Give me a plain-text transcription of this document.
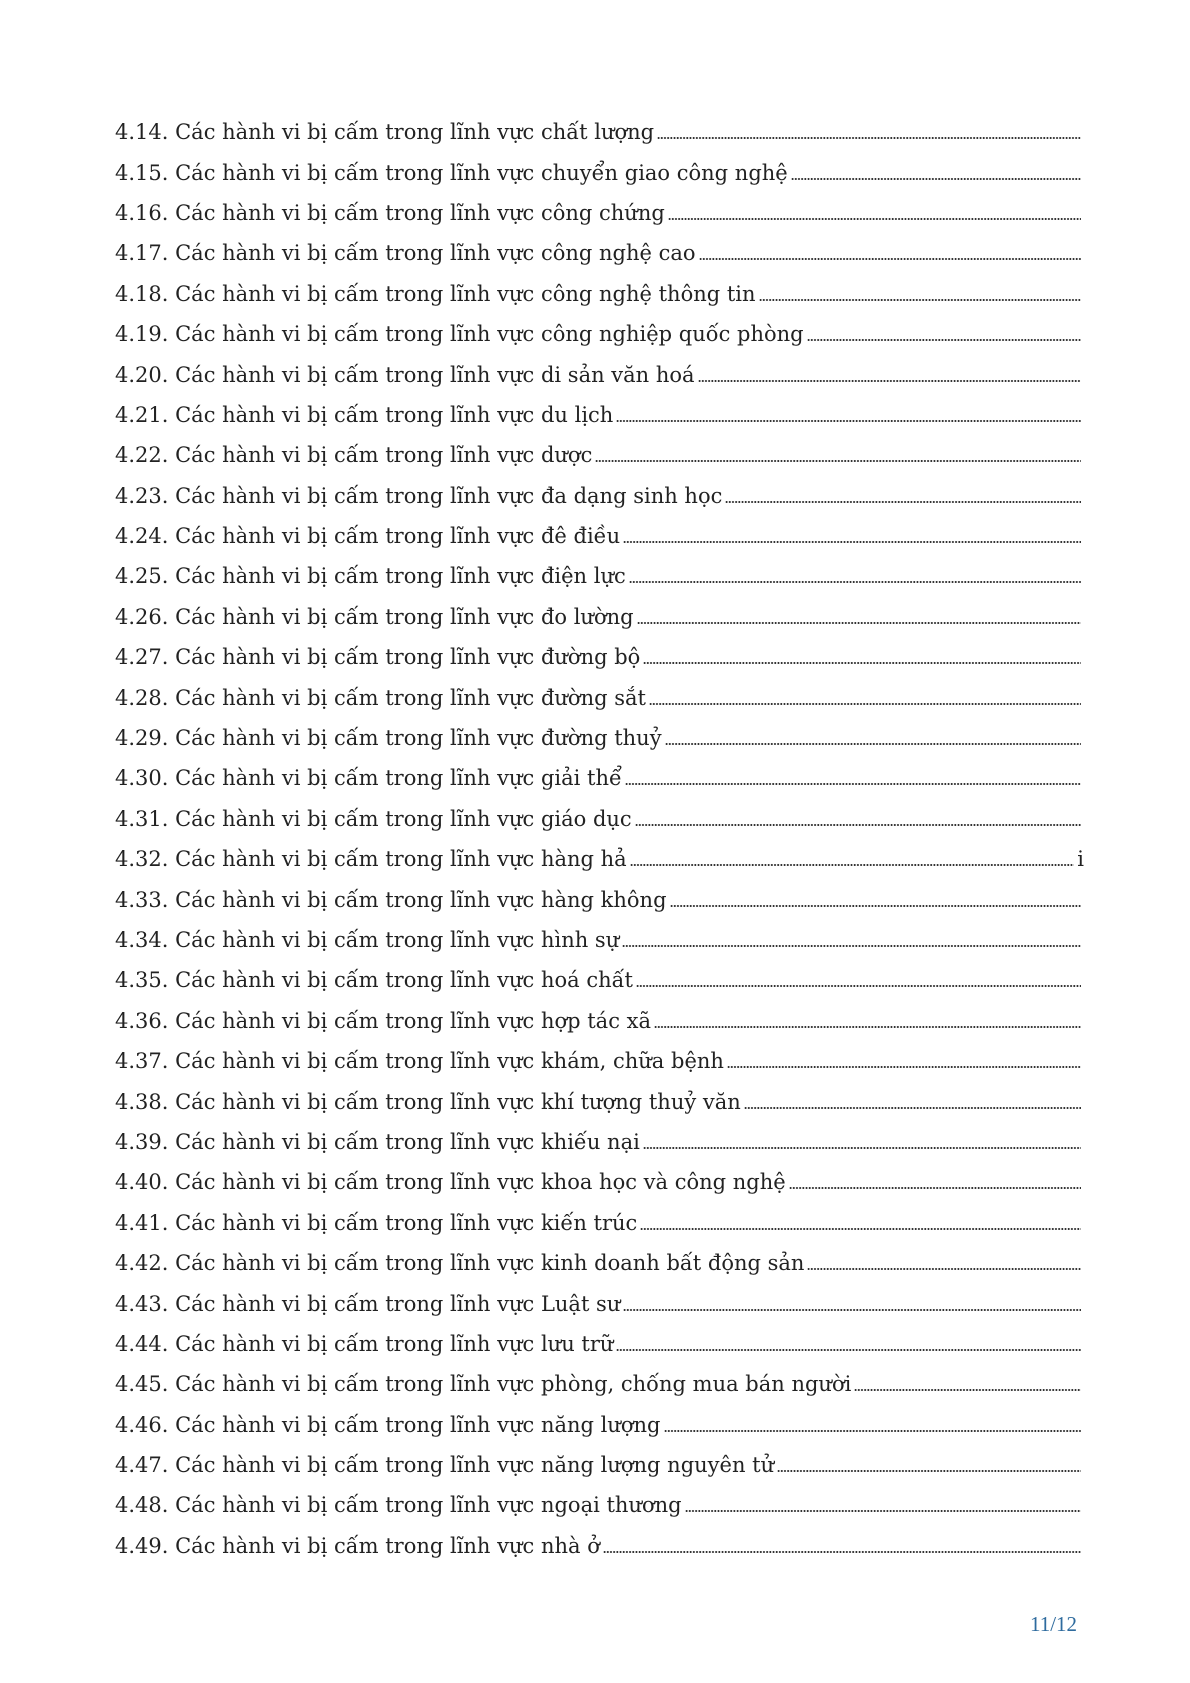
4.14. Các hành vi bị cấm trong lĩnh vực chất lượng
4.15. Các hành vi bị cấm trong lĩnh vực chuyển giao công nghệ
4.16. Các hành vi bị cấm trong lĩnh vực công chứng
4.17. Các hành vi bị cấm trong lĩnh vực công nghệ cao
4.18. Các hành vi bị cấm trong lĩnh vực công nghệ thông tin
4.19. Các hành vi bị cấm trong lĩnh vực công nghiệp quốc phòng
4.20. Các hành vi bị cấm trong lĩnh vực di sản văn hoá
4.21. Các hành vi bị cấm trong lĩnh vực du lịch
4.22. Các hành vi bị cấm trong lĩnh vực dược
4.23. Các hành vi bị cấm trong lĩnh vực đa dạng sinh học
4.24. Các hành vi bị cấm trong lĩnh vực đê điều
4.25. Các hành vi bị cấm trong lĩnh vực điện lực
4.26. Các hành vi bị cấm trong lĩnh vực đo lường
4.27. Các hành vi bị cấm trong lĩnh vực đường bộ
4.28. Các hành vi bị cấm trong lĩnh vực đường sắt
4.29. Các hành vi bị cấm trong lĩnh vực đường thuỷ
4.30. Các hành vi bị cấm trong lĩnh vực giải thể
4.31. Các hành vi bị cấm trong lĩnh vực giáo dục
4.32. Các hành vi bị cấm trong lĩnh vực hàng hả	i
4.33. Các hành vi bị cấm trong lĩnh vực hàng không
4.34. Các hành vi bị cấm trong lĩnh vực hình sự
4.35. Các hành vi bị cấm trong lĩnh vực hoá chất
4.36. Các hành vi bị cấm trong lĩnh vực hợp tác xã
4.37. Các hành vi bị cấm trong lĩnh vực khám, chữa bệnh
4.38. Các hành vi bị cấm trong lĩnh vực khí tượng thuỷ văn
4.39. Các hành vi bị cấm trong lĩnh vực khiếu nại
4.40. Các hành vi bị cấm trong lĩnh vực khoa học và công nghệ
4.41. Các hành vi bị cấm trong lĩnh vực kiến trúc
4.42. Các hành vi bị cấm trong lĩnh vực kinh doanh bất động sản
4.43. Các hành vi bị cấm trong lĩnh vực Luật sư
4.44. Các hành vi bị cấm trong lĩnh vực lưu trữ
4.45. Các hành vi bị cấm trong lĩnh vực phòng, chống mua bán người
4.46. Các hành vi bị cấm trong lĩnh vực năng lượng
4.47. Các hành vi bị cấm trong lĩnh vực năng lượng nguyên tử
4.48. Các hành vi bị cấm trong lĩnh vực ngoại thương
4.49. Các hành vi bị cấm trong lĩnh vực nhà ở
11/12
